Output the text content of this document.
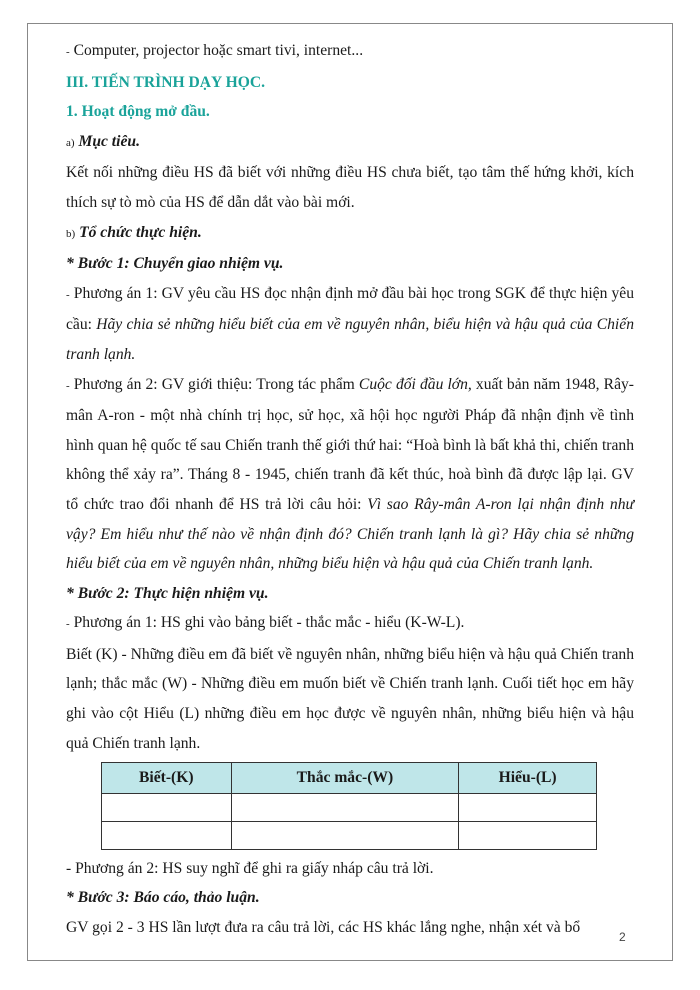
- Computer, projector hoặc smart tivi, internet...

III. TIẾN TRÌNH DẠY HỌC.

1. Hoạt động mở đầu.

a) Mục tiêu.

Kết nối những điều HS đã biết với những điều HS chưa biết, tạo tâm thế hứng khởi, kích thích sự tò mò của HS để dẫn dắt vào bài mới.

b) Tổ chức thực hiện.

* Bước 1: Chuyển giao nhiệm vụ.

- Phương án 1: GV yêu cầu HS đọc nhận định mở đầu bài học trong SGK để thực hiện yêu cầu: Hãy chia sẻ những hiểu biết của em về nguyên nhân, biểu hiện và hậu quả của Chiến tranh lạnh.

- Phương án 2: GV giới thiệu: Trong tác phẩm Cuộc đối đầu lớn, xuất bản năm 1948, Rây-mân A-ron - một nhà chính trị học, sử học, xã hội học người Pháp đã nhận định về tình hình quan hệ quốc tế sau Chiến tranh thế giới thứ hai: “Hoà bình là bất khả thi, chiến tranh không thể xảy ra”. Tháng 8 - 1945, chiến tranh đã kết thúc, hoà bình đã được lập lại. GV tổ chức trao đổi nhanh để HS trả lời câu hỏi: Vì sao Rây-mân A-ron lại nhận định như vậy? Em hiểu như thế nào về nhận định đó? Chiến tranh lạnh là gì? Hãy chia sẻ những hiểu biết của em về nguyên nhân, những biểu hiện và hậu quả của Chiến tranh lạnh.

* Bước 2: Thực hiện nhiệm vụ.

- Phương án 1: HS ghi vào bảng biết - thắc mắc - hiểu (K-W-L).

Biết (K) - Những điều em đã biết về nguyên nhân, những biểu hiện và hậu quả Chiến tranh lạnh; thắc mắc (W) - Những điều em muốn biết về Chiến tranh lạnh. Cuối tiết học em hãy ghi vào cột Hiểu (L) những điều em học được về nguyên nhân, những biểu hiện và hậu quả Chiến tranh lạnh.

Biết-(K)	Thắc mắc-(W)	Hiểu-(L)

- Phương án 2: HS suy nghĩ để ghi ra giấy nháp câu trả lời.

* Bước 3: Báo cáo, thảo luận.

GV gọi 2 - 3 HS lần lượt đưa ra câu trả lời, các HS khác lắng nghe, nhận xét và bổ

2
